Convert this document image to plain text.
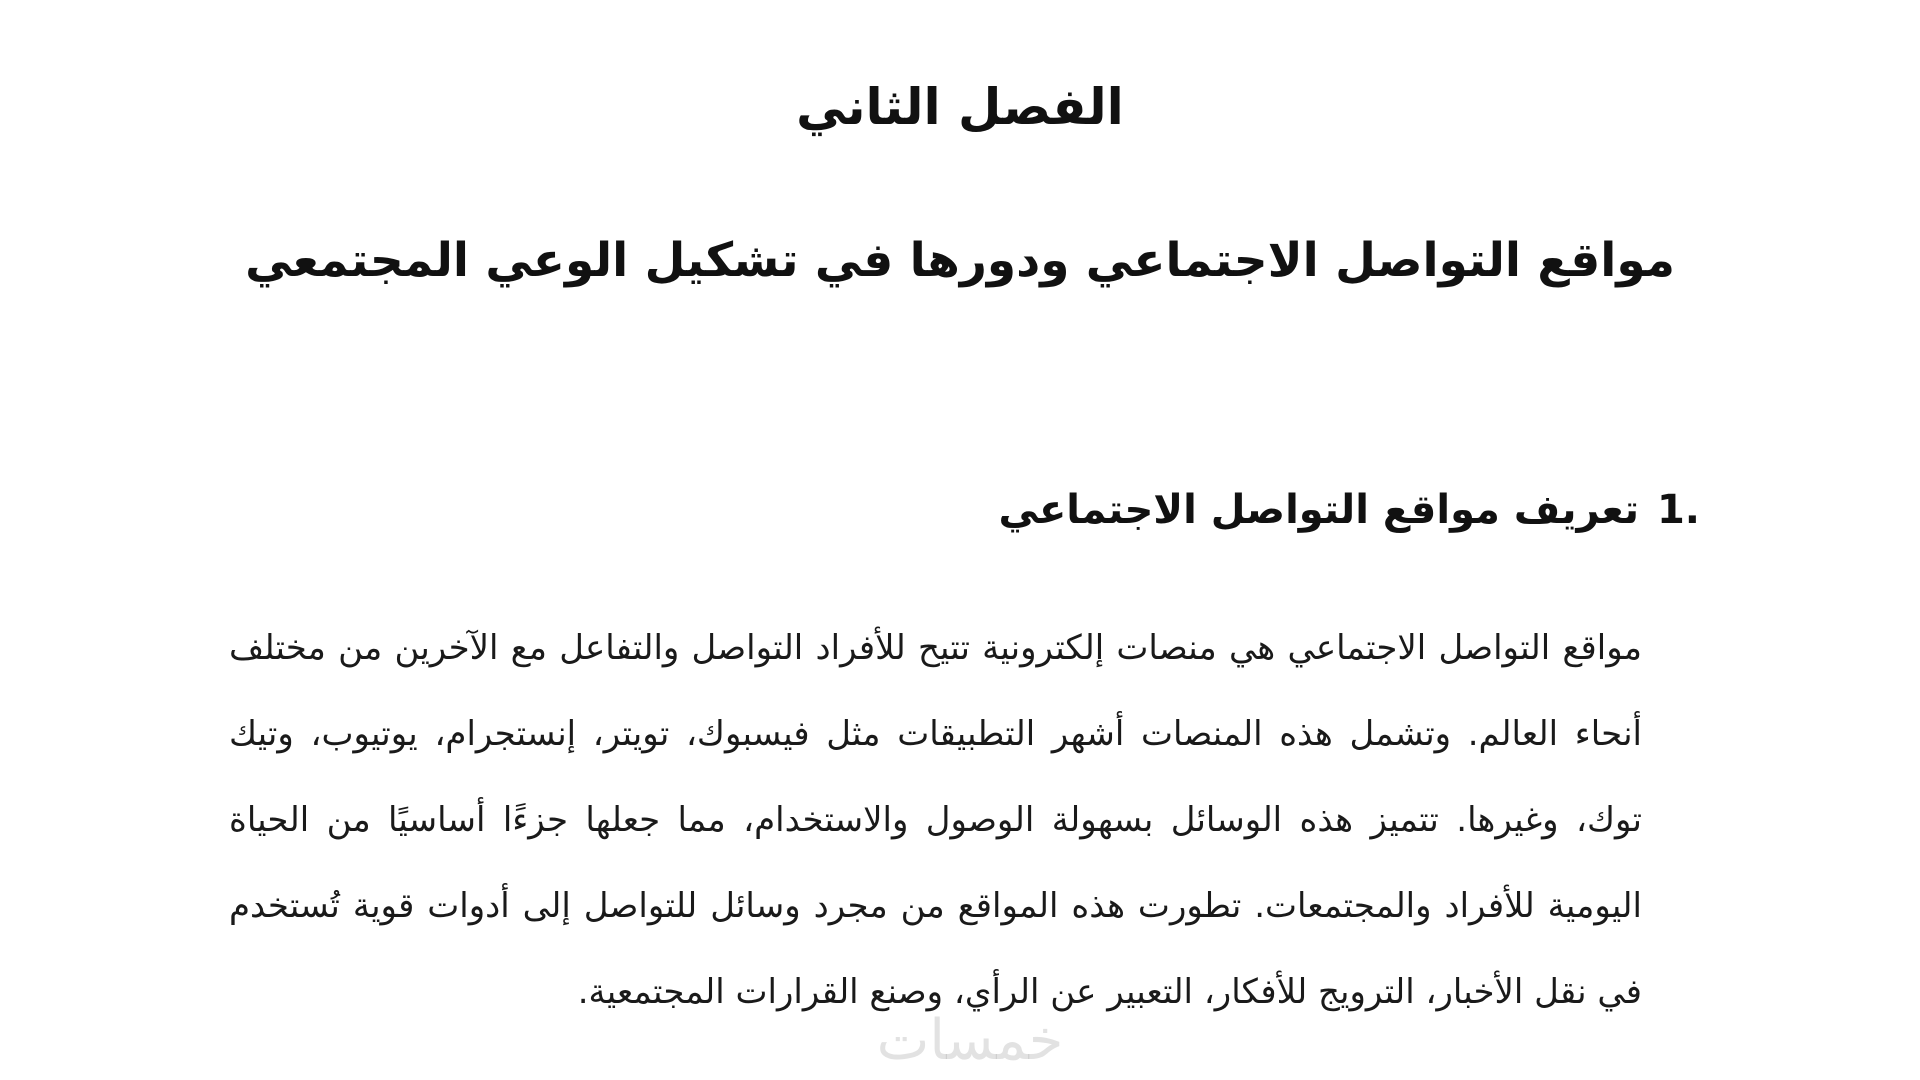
الفصل الثاني
مواقع التواصل الاجتماعي ودورها في تشكيل الوعي المجتمعي
1.تعريف مواقع التواصل الاجتماعي

مواقع التواصل الاجتماعي هي منصات إلكترونية تتيح للأفراد التواصل والتفاعل مع الآخرين من مختلف أنحاء العالم. وتشمل هذه المنصات أشهر التطبيقات مثل فيسبوك، تويتر، إنستجرام، يوتيوب، وتيك توك، وغيرها. تتميز هذه الوسائل بسهولة الوصول والاستخدام، مما جعلها جزءًا أساسيًا من الحياة اليومية للأفراد والمجتمعات. تطورت هذه المواقع من مجرد وسائل للتواصل إلى أدوات قوية تُستخدم في نقل الأخبار، الترويج للأفكار، التعبير عن الرأي، وصنع القرارات المجتمعية.

خمسات
